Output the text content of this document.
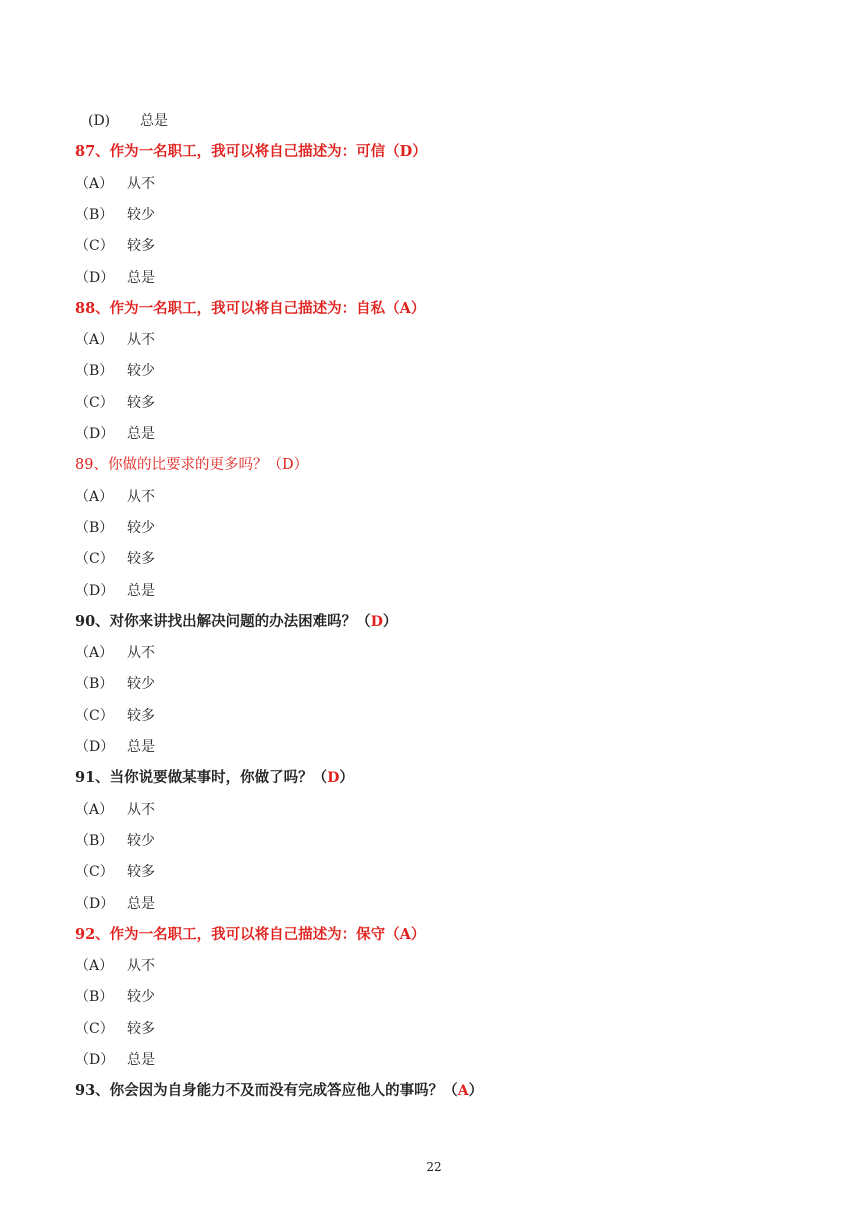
(D) 总是
87、作为一名职工，我可以将自己描述为：可信（D）
（A） 从不
（B） 较少
（C） 较多
（D） 总是
88、作为一名职工，我可以将自己描述为：自私（A）
（A） 从不
（B） 较少
（C） 较多
（D） 总是
89、你做的比要求的更多吗？（D）
（A） 从不
（B） 较少
（C） 较多
（D） 总是
90、对你来讲找出解决问题的办法困难吗？（D）
（A） 从不
（B） 较少
（C） 较多
（D） 总是
91、当你说要做某事时，你做了吗？（D）
（A） 从不
（B） 较少
（C） 较多
（D） 总是
92、作为一名职工，我可以将自己描述为：保守（A）
（A） 从不
（B） 较少
（C） 较多
（D） 总是
93、你会因为自身能力不及而没有完成答应他人的事吗？（A）
22
